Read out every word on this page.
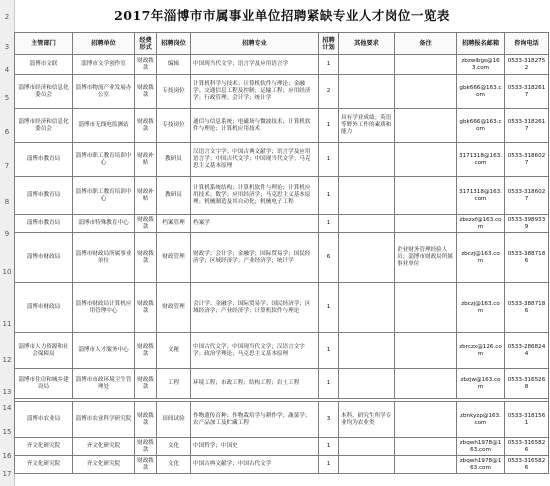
2
3
4
5
6
7
8
9
10
11
12
13
14
15
16
17
2017年淄博市市属事业单位招聘紧缺专业人才岗位一览表
主管部门	招聘单位	经费形式	招聘岗位	招聘专业	招聘计划	其他要求	备注	招聘报名邮箱	咨询电话
淄博市文联	淄博市文学创作室	财政拨款	编辑	中国现当代文学；语言学及应用语言学	1			zbzwlbgs@163.com	0533-3182752
淄博市经济和信息化委员会	淄博市物流产业发展办公室	财政拨款	专技岗位	计算机科学与技术；计算机软件与理论；金融学；交通信息工程及控制；运输工程；应用经济学；行政管理；会计学；统计学	2			gbk666@163.com	0533-3182617
淄博市经济和信息化委员会	淄博市无线电监测站	财政拨款	专技岗位	通信与信息系统；电磁场与微波技术；计算机软件与理论；计算机应用技术	1	具有学业成绩；英语等野外工作的素质和能力		gbk666@163.com	0533-3182617
淄博市教育局	淄博市职工教育培训中心	财政补贴	教研员	汉语言文字学；中国古典文献学；语言学及应用语言学；中国古代文学；中国现当代文学；马克思主义基本原理	1			3171318@163.com	0533-3186027
淄博市教育局	淄博市职工教育培训中心	财政补贴	教研员	计算机系统结构；计算机软件与理论；计算机应用技术；数学；应用经济学；马克思主义基本原理；机械制造及其自动化；机械电子工程	1			3171318@163.com	0533-3186027
淄博市教育局	淄博市特殊教育中心	财政拨款	档案管理	档案学	1			zbszxf@163.com	0533-3989339
淄博市财政局	淄博市财政局所属事业单位	财政拨款	财政管理	财政学；会计学；金融学；国际贸易学；国民经济学；区域经济学；产业经济学；统计学	6		企业财务管理经验人员；淄博市财政局所属事业单位	zbczj@163.com	0533-3887186
淄博市财政局	淄博市财政局计算机应用管理中心	财政拨款	财政管理	会计学；金融学；国际贸易学；国民经济学；区域经济学；产业经济学；计算机软件与理论	1			zbczj@163.com	0533-3887186
淄博市人力资源和社会保障局	淄博市人才服务中心	财政拨款	文秘	中国古代文学；中国现当代文学；汉语言文字学；政治学理论；马克思主义基本原理	1			zbrczx@126.com	0533-2868244
淄博市住房和城乡建设局	淄博市市政环境卫生管理处	财政拨款	工程	环境工程；市政工程；结构工程；岩土工程	1			zbzjw@163.com	0533-3165268

淄博市农业局	淄博市农业科学研究院	财政拨款	田间试验	作物遗传育种；作物栽培学与耕作学；蔬菜学；农产品加工及贮藏工程	3	本科、研究生所学专业均为农业类		zbnkyzp@163.com	0533-3181561
齐文化研究院	齐文化研究院	财政拨款	文化	中国哲学；中国史	1			zbqwh1978@163.com	0533-3165826
齐文化研究院	齐文化研究院	财政拨款	文化	中国古典文献学；中国古代文学	1			zbqwh1978@163.com	0533-3165826
